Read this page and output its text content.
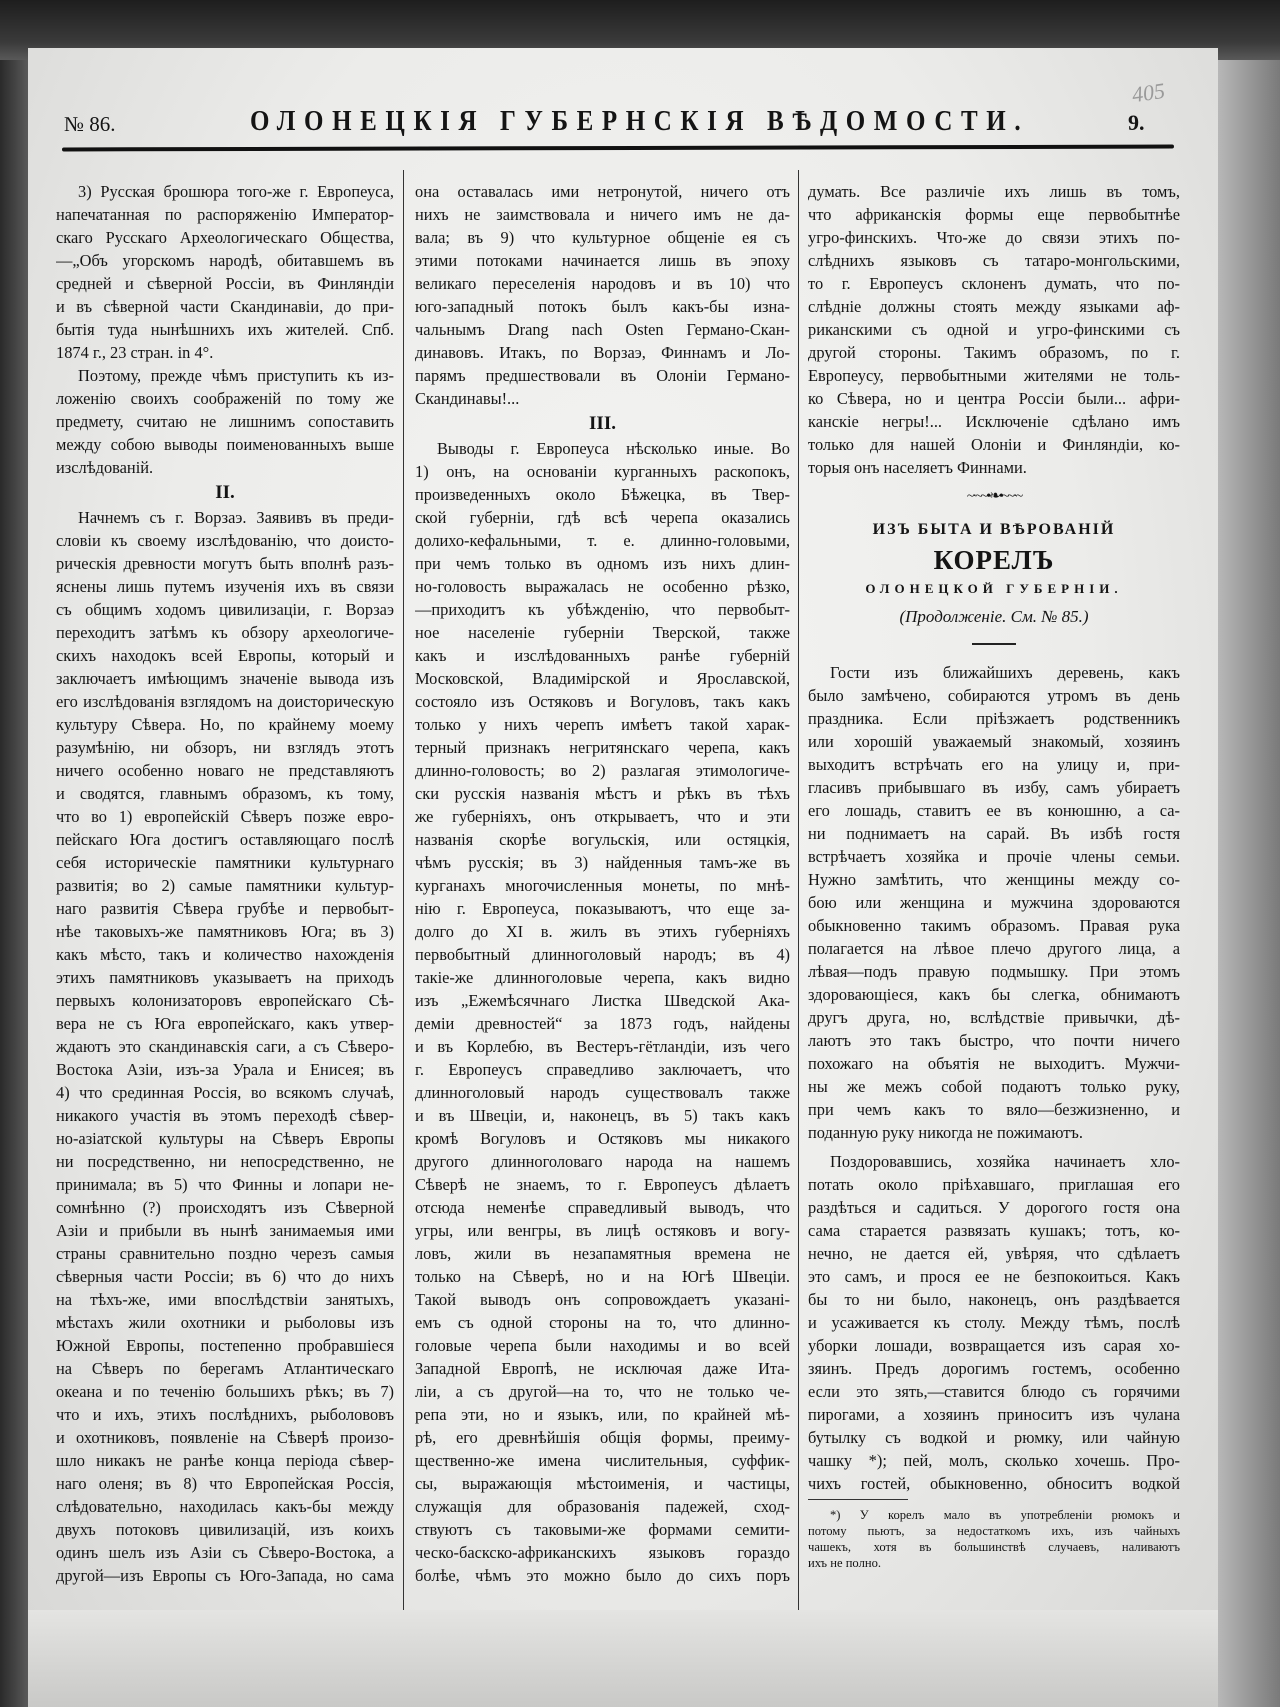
№ 86.	ОЛОНЕЦКІЯ ГУБЕРНСКІЯ ВѢДОМОСТИ.	9.
405
3) Русская брошюра того-же г. Европеуса,
напечатанная по распоряженію Император-
скаго Русскаго Археологическаго Общества,
—„Объ угорскомъ народѣ, обитавшемъ въ
средней и сѣверной Россіи, въ Финляндіи
и въ сѣверной части Скандинавіи, до при-
бытія туда нынѣшнихъ ихъ жителей. Спб.
1874 г., 23 стран. in 4°.
Поэтому, прежде чѣмъ приступить къ из-
ложенію своихъ соображеній по тому же
предмету, считаю не лишнимъ сопоставить
между собою выводы поименованныхъ выше
изслѣдованій.
II.
Начнемъ съ г. Ворзаэ. Заявивъ въ преди-
словіи къ своему изслѣдованію, что доисто-
рическія древности могутъ быть вполнѣ разъ-
яснены лишь путемъ изученія ихъ въ связи
съ общимъ ходомъ цивилизаціи, г. Ворзаэ
переходитъ затѣмъ къ обзору археологиче-
скихъ находокъ всей Европы, который и
заключаетъ имѣющимъ значеніе вывода изъ
его изслѣдованія взглядомъ на доисторическую
культуру Сѣвера. Но, по крайнему моему
разумѣнію, ни обзоръ, ни взглядъ этотъ
ничего особенно новаго не представляютъ
и сводятся, главнымъ образомъ, къ тому,
что во 1) европейскій Сѣверъ позже евро-
пейскаго Юга достигъ оставляющаго послѣ
себя историческіе памятники культурнаго
развитія; во 2) самые памятники культур-
наго развитія Сѣвера грубѣе и первобыт-
нѣе таковыхъ-же памятниковъ Юга; въ 3)
какъ мѣсто, такъ и количество нахожденія
этихъ памятниковъ указываетъ на приходъ
первыхъ колонизаторовъ европейскаго Сѣ-
вера не съ Юга европейскаго, какъ утвер-
ждаютъ это скандинавскія саги, а съ Сѣверо-
Востока Азіи, изъ-за Урала и Енисея; въ
4) что срединная Россія, во всякомъ случаѣ,
никакого участія въ этомъ переходѣ сѣвер-
но-азіатской культуры на Сѣверъ Европы
ни посредственно, ни непосредственно, не
принимала; въ 5) что Финны и лопари не-
сомнѣнно (?) происходятъ изъ Сѣверной
Азіи и прибыли въ нынѣ занимаемыя ими
страны сравнительно поздно черезъ самыя
сѣверныя части Россіи; въ 6) что до нихъ
на тѣхъ-же, ими впослѣдствіи занятыхъ,
мѣстахъ жили охотники и рыболовы изъ
Южной Европы, постепенно пробравшіеся
на Сѣверъ по берегамъ Атлантическаго
океана и по теченію большихъ рѣкъ; въ 7)
что и ихъ, этихъ послѣднихъ, рыболововъ
и охотниковъ, появленіе на Сѣверѣ произо-
шло никакъ не ранѣе конца періода сѣвер-
наго оленя; въ 8) что Европейская Россія,
слѣдовательно, находилась какъ-бы между
двухъ потоковъ цивилизацій, изъ коихъ
одинъ шелъ изъ Азіи съ Сѣверо-Востока, а
другой—изъ Европы съ Юго-Запада, но сама
она оставалась ими нетронутой, ничего отъ
нихъ не заимствовала и ничего имъ не да-
вала; въ 9) что культурное общеніе ея съ
этими потоками начинается лишь въ эпоху
великаго переселенія народовъ и въ 10) что
юго-западный потокъ былъ какъ-бы изна-
чальнымъ Drang nach Osten Германо-Скан-
динавовъ. Итакъ, по Ворзаэ, Финнамъ и Ло-
парямъ предшествовали въ Олоніи Германо-
Скандинавы!...
III.
Выводы г. Европеуса нѣсколько иные. Во
1) онъ, на основаніи курганныхъ раскопокъ,
произведенныхъ около Бѣжецка, въ Твер-
ской губерніи, гдѣ всѣ черепа оказались
долихо-кефальными, т. е. длинно-головыми,
при чемъ только въ одномъ изъ нихъ длин-
но-головость выражалась не особенно рѣзко,
—приходитъ къ убѣжденію, что первобыт-
ное населеніе губерніи Тверской, также
какъ и изслѣдованныхъ ранѣе губерній
Московской, Владимірской и Ярославской,
состояло изъ Остяковъ и Вогуловъ, такъ какъ
только у нихъ черепъ имѣетъ такой харак-
терный признакъ негритянскаго черепа, какъ
длинно-головость; во 2) разлагая этимологиче-
ски русскія названія мѣстъ и рѣкъ въ тѣхъ
же губерніяхъ, онъ открываетъ, что и эти
названія скорѣе вогульскія, или остяцкія,
чѣмъ русскія; въ 3) найденныя тамъ-же въ
курганахъ многочисленныя монеты, по мнѣ-
нію г. Европеуса, показываютъ, что еще за-
долго до XI в. жилъ въ этихъ губерніяхъ
первобытный длинноголовый народъ; въ 4)
такіе-же длинноголовые черепа, какъ видно
изъ „Ежемѣсячнаго Листка Шведской Ака-
деміи древностей“ за 1873 годъ, найдены
и въ Корлебю, въ Вестеръ-гётландіи, изъ чего
г. Европеусъ справедливо заключаетъ, что
длинноголовый народъ существовалъ также
и въ Швеціи, и, наконецъ, въ 5) такъ какъ
кромѣ Вогуловъ и Остяковъ мы никакого
другого длинноголоваго народа на нашемъ
Сѣверѣ не знаемъ, то г. Европеусъ дѣлаетъ
отсюда неменѣе справедливый выводъ, что
угры, или венгры, въ лицѣ остяковъ и вогу-
ловъ, жили въ незапамятныя времена не
только на Сѣверѣ, но и на Югѣ Швеціи.
Такой выводъ онъ сопровождаетъ указані-
емъ съ одной стороны на то, что длинно-
головые черепа были находимы и во всей
Западной Европѣ, не исключая даже Ита-
ліи, а съ другой—на то, что не только че-
репа эти, но и языкъ, или, по крайней мѣ-
рѣ, его древнѣйшія общія формы, преиму-
щественно-же имена числительныя, суффик-
сы, выражающія мѣстоименія, и частицы,
служащія для образованія падежей, сход-
ствуютъ съ таковыми-же формами семити-
ческо-баскско-африканскихъ языковъ гораздо
болѣе, чѣмъ это можно было до сихъ поръ
думать. Все различіе ихъ лишь въ томъ,
что африканскія формы еще первобытнѣе
угро-финскихъ. Что-же до связи этихъ по-
слѣднихъ языковъ съ татаро-монгольскими,
то г. Европеусъ склоненъ думать, что по-
слѣдніе должны стоять между языками аф-
риканскими съ одной и угро-финскими съ
другой стороны. Такимъ образомъ, по г.
Европеусу, первобытными жителями не толь-
ко Сѣвера, но и центра Россіи были... афри-
канскіе негры!... Исключеніе сдѣлано имъ
только для нашей Олоніи и Финляндіи, ко-
торыя онъ населяетъ Финнами.
~·~~•❧•~~·~
ИЗЪ БЫТА И ВѢРОВАНІЙ
КОРЕЛЪ
ОЛОНЕЦКОЙ ГУБЕРНІИ.
(Продолженіе. См. № 85.)
Гости изъ ближайшихъ деревень, какъ
было замѣчено, собираются утромъ въ день
праздника. Если пріѣзжаетъ родственникъ
или хорошій уважаемый знакомый, хозяинъ
выходитъ встрѣчать его на улицу и, при-
гласивъ прибывшаго въ избу, самъ убираетъ
его лошадь, ставитъ ее въ конюшню, а са-
ни поднимаетъ на сарай. Въ избѣ гостя
встрѣчаетъ хозяйка и прочіе члены семьи.
Нужно замѣтить, что женщины между со-
бою или женщина и мужчина здороваются
обыкновенно такимъ образомъ. Правая рука
полагается на лѣвое плечо другого лица, а
лѣвая—подъ правую подмышку. При этомъ
здоровающіеся, какъ бы слегка, обнимаютъ
другъ друга, но, вслѣдствіе привычки, дѣ-
лаютъ это такъ быстро, что почти ничего
похожаго на объятія не выходитъ. Мужчи-
ны же межъ собой подаютъ только руку,
при чемъ какъ то вяло—безжизненно, и
поданную руку никогда не пожимаютъ.
Поздоровавшись, хозяйка начинаетъ хло-
потать около пріѣхавшаго, приглашая его
раздѣться и садиться. У дорогого гостя она
сама старается развязать кушакъ; тотъ, ко-
нечно, не дается ей, увѣряя, что сдѣлаетъ
это самъ, и прося ее не безпокоиться. Какъ
бы то ни было, наконецъ, онъ раздѣвается
и усаживается къ столу. Между тѣмъ, послѣ
уборки лошади, возвращается изъ сарая хо-
зяинъ. Предъ дорогимъ гостемъ, особенно
если это зять,—ставится блюдо съ горячими
пирогами, а хозяинъ приноситъ изъ чулана
бутылку съ водкой и рюмку, или чайную
чашку *); пей, молъ, сколько хочешь. Про-
чихъ гостей, обыкновенно, обноситъ водкой
*) У корелъ мало въ употребленіи рюмокъ и
потому пьютъ, за недостаткомъ ихъ, изъ чайныхъ
чашекъ, хотя въ большинствѣ случаевъ, наливаютъ
ихъ не полно.
